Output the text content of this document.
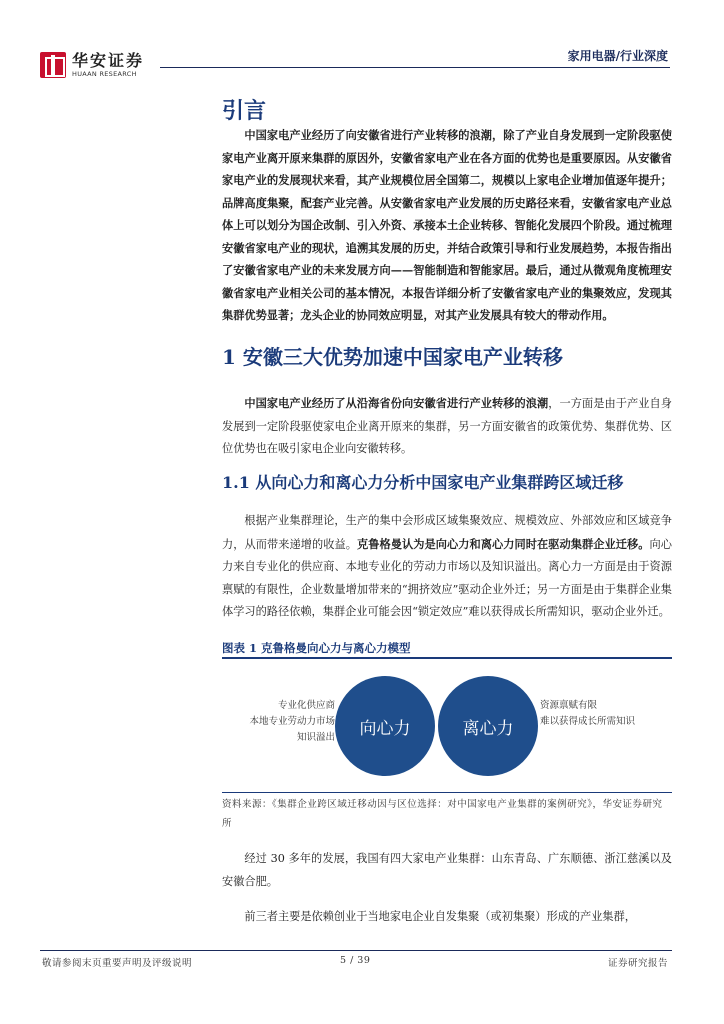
华安证券
HUAAN RESEARCH
家用电器/行业深度
引言
中国家电产业经历了向安徽省进行产业转移的浪潮，除了产业自身发展到一定阶段驱使家电产业离开原来集群的原因外，安徽省家电产业在各方面的优势也是重要原因。从安徽省家电产业的发展现状来看，其产业规模位居全国第二，规模以上家电企业增加值逐年提升；品牌高度集聚，配套产业完善。从安徽省家电产业发展的历史路径来看，安徽省家电产业总体上可以划分为国企改制、引入外资、承接本土企业转移、智能化发展四个阶段。通过梳理安徽省家电产业的现状，追溯其发展的历史，并结合政策引导和行业发展趋势，本报告指出了安徽省家电产业的未来发展方向——智能制造和智能家居。最后，通过从微观角度梳理安徽省家电产业相关公司的基本情况，本报告详细分析了安徽省家电产业的集聚效应，发现其集群优势显著；龙头企业的协同效应明显，对其产业发展具有较大的带动作用。
1 安徽三大优势加速中国家电产业转移
中国家电产业经历了从沿海省份向安徽省进行产业转移的浪潮，一方面是由于产业自身发展到一定阶段驱使家电企业离开原来的集群，另一方面安徽省的政策优势、集群优势、区位优势也在吸引家电企业向安徽转移。
1.1 从向心力和离心力分析中国家电产业集群跨区域迁移
根据产业集群理论，生产的集中会形成区域集聚效应、规模效应、外部效应和区域竞争力，从而带来递增的收益。克鲁格曼认为是向心力和离心力同时在驱动集群企业迁移。向心力来自专业化的供应商、本地专业化的劳动力市场以及知识溢出。离心力一方面是由于资源禀赋的有限性，企业数量增加带来的“拥挤效应”驱动企业外迁；另一方面是由于集群企业集体学习的路径依赖，集群企业可能会因“锁定效应”难以获得成长所需知识，驱动企业外迁。
图表 1 克鲁格曼向心力与离心力模型
专业化供应商
本地专业劳动力市场
知识溢出 向心力	离心力
资源禀赋有限
难以获得成长所需知识
资料来源：《集群企业跨区域迁移动因与区位选择：对中国家电产业集群的案例研究》，华安证券研究所
经过 30 多年的发展，我国有四大家电产业集群：山东青岛、广东顺德、浙江慈溪以及安徽合肥。
前三者主要是依赖创业于当地家电企业自发集聚（或初集聚）形成的产业集群，
敬请参阅末页重要声明及评级说明	5 / 39	证券研究报告
